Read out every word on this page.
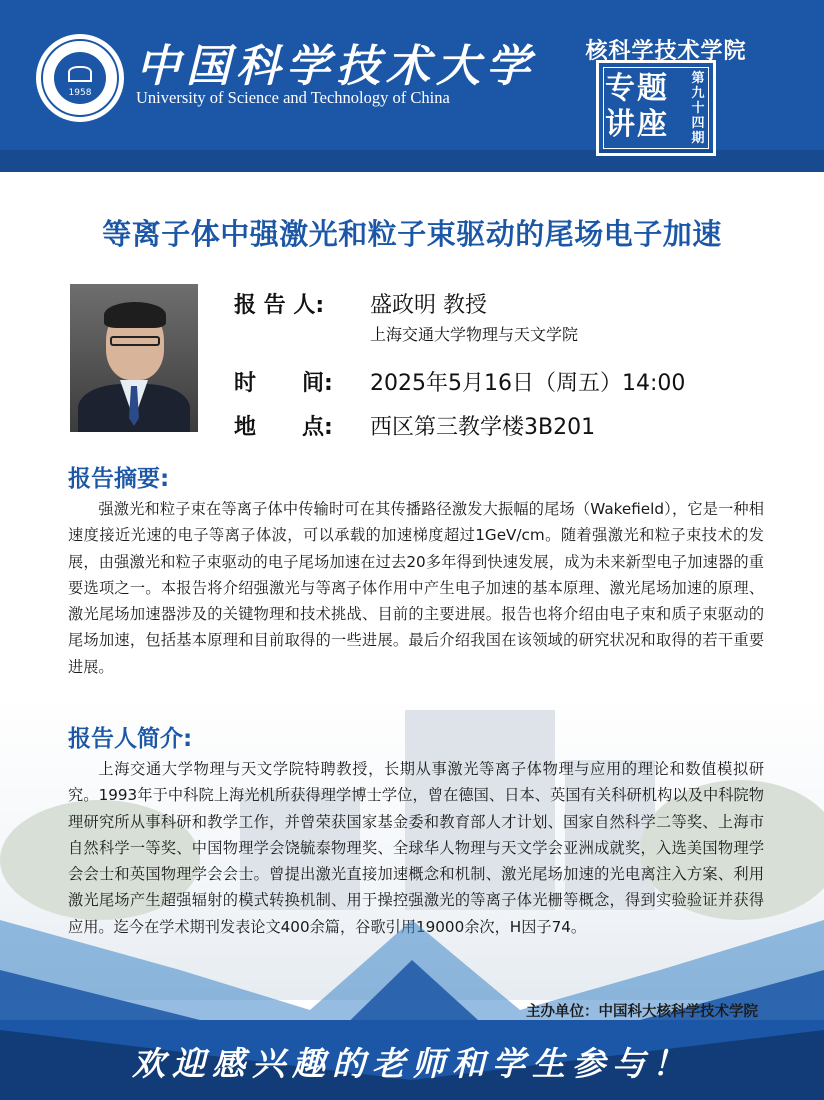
1958
中国科学技术大学
University of Science and Technology of China
核科学技术学院
专题讲座
第九十四期
等离子体中强激光和粒子束驱动的尾场电子加速
报 告 人: 盛政明 教授
上海交通大学物理与天文学院
时      间: 2025年5月16日（周五）14:00
地      点: 西区第三教学楼3B201
报告摘要:
强激光和粒子束在等离子体中传输时可在其传播路径激发大振幅的尾场（Wakefield），它是一种相速度接近光速的电子等离子体波，可以承载的加速梯度超过1GeV/cm。随着强激光和粒子束技术的发展，由强激光和粒子束驱动的电子尾场加速在过去20多年得到快速发展，成为未来新型电子加速器的重要选项之一。本报告将介绍强激光与等离子体作用中产生电子加速的基本原理、激光尾场加速的原理、激光尾场加速器涉及的关键物理和技术挑战、目前的主要进展。报告也将介绍由电子束和质子束驱动的尾场加速，包括基本原理和目前取得的一些进展。最后介绍我国在该领域的研究状况和取得的若干重要进展。
报告人简介:
上海交通大学物理与天文学院特聘教授，长期从事激光等离子体物理与应用的理论和数值模拟研究。1993年于中科院上海光机所获得理学博士学位，曾在德国、日本、英国有关科研机构以及中科院物理研究所从事科研和教学工作，并曾荣获国家基金委和教育部人才计划、国家自然科学二等奖、上海市自然科学一等奖、中国物理学会饶毓泰物理奖、全球华人物理与天文学会亚洲成就奖，入选美国物理学会会士和英国物理学会会士。曾提出激光直接加速概念和机制、激光尾场加速的光电离注入方案、利用激光尾场产生超强辐射的模式转换机制、用于操控强激光的等离子体光栅等概念，得到实验验证并获得应用。迄今在学术期刊发表论文400余篇，谷歌引用19000余次，H因子74。
主办单位：中国科大核科学技术学院
欢迎感兴趣的老师和学生参与！
